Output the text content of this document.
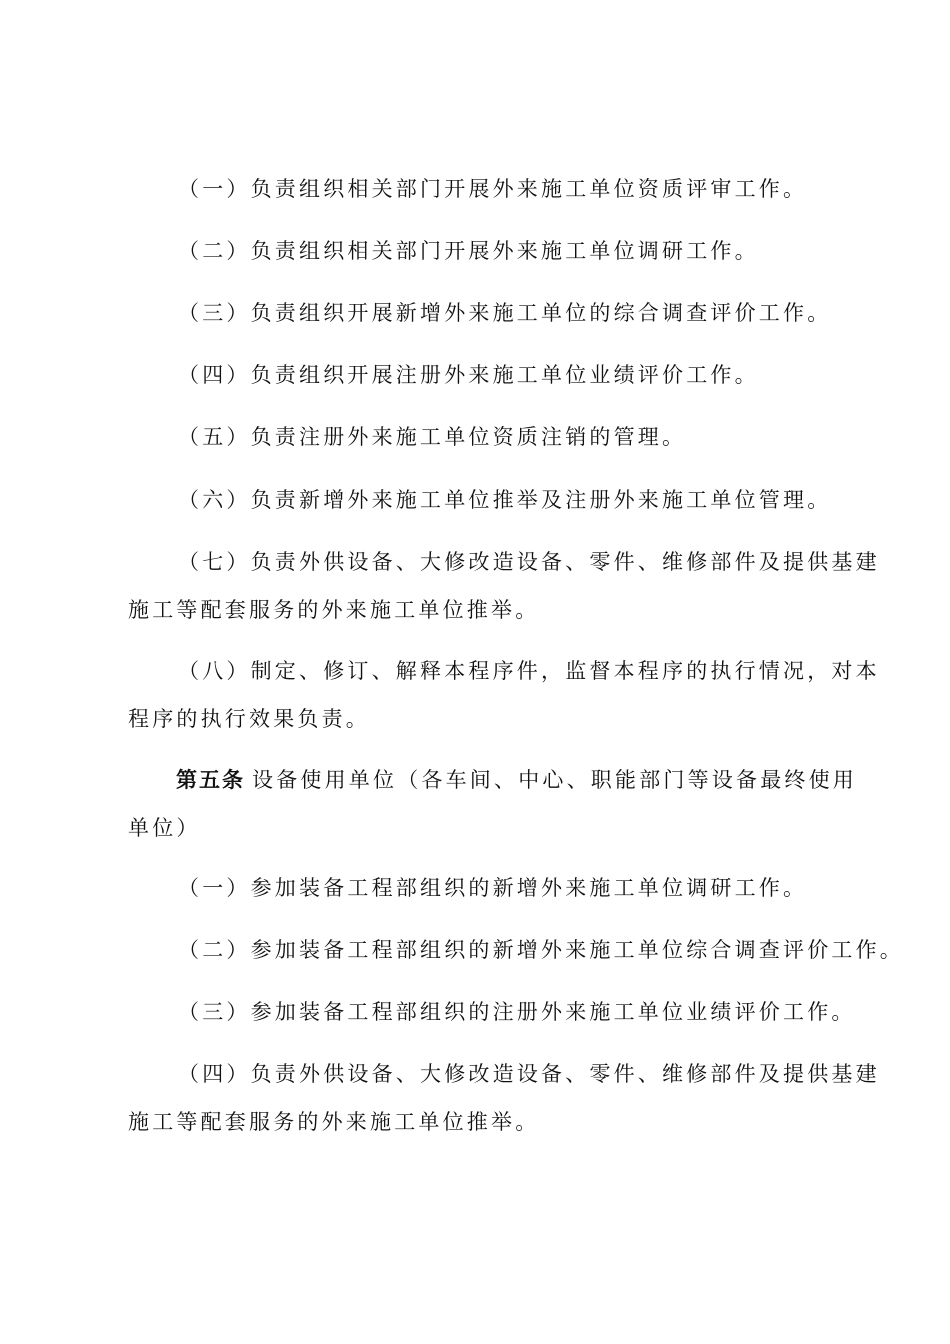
（一）负责组织相关部门开展外来施工单位资质评审工作。
（二）负责组织相关部门开展外来施工单位调研工作。
（三）负责组织开展新增外来施工单位的综合调查评价工作。
（四）负责组织开展注册外来施工单位业绩评价工作。
（五）负责注册外来施工单位资质注销的管理。
（六）负责新增外来施工单位推举及注册外来施工单位管理。
（七）负责外供设备、大修改造设备、零件、维修部件及提供基建
施工等配套服务的外来施工单位推举。
（八）制定、修订、解释本程序件，监督本程序的执行情况，对本
程序的执行效果负责。
第五条 设备使用单位（各车间、中心、职能部门等设备最终使用
单位）
（一）参加装备工程部组织的新增外来施工单位调研工作。
（二）参加装备工程部组织的新增外来施工单位综合调查评价工作。
（三）参加装备工程部组织的注册外来施工单位业绩评价工作。
（四）负责外供设备、大修改造设备、零件、维修部件及提供基建
施工等配套服务的外来施工单位推举。
